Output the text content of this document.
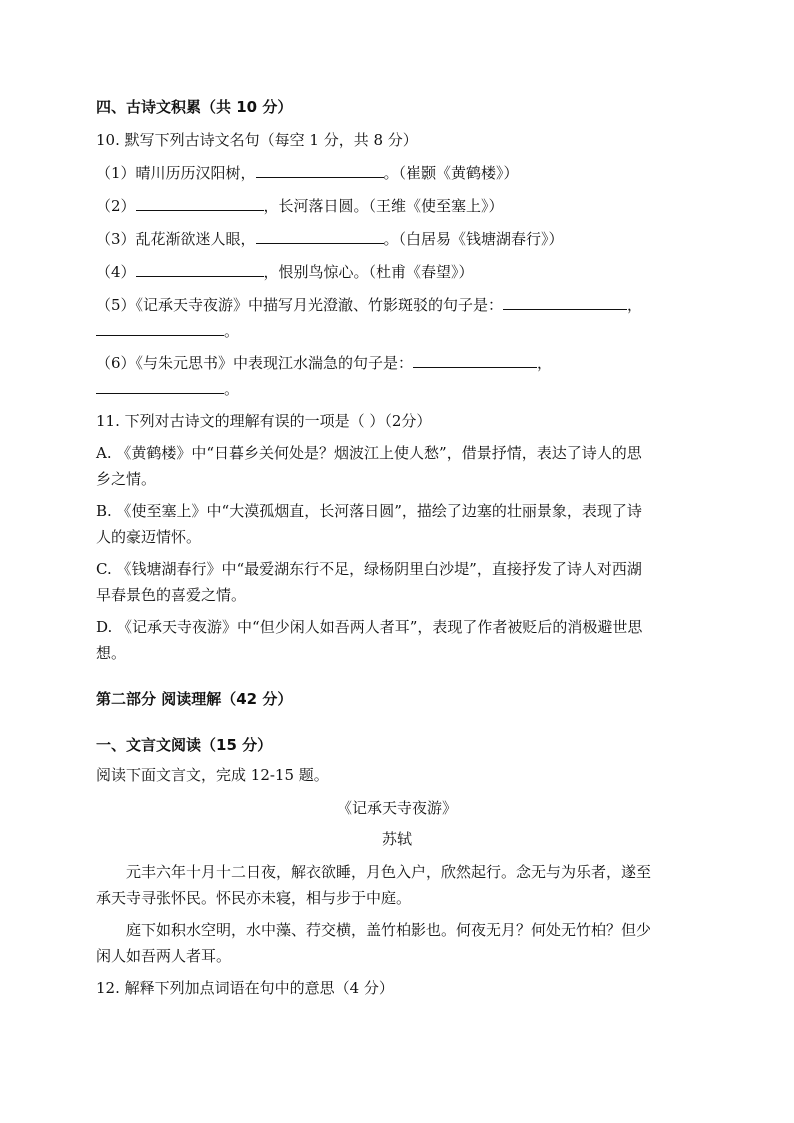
四、古诗文积累（共 10 分）
10. 默写下列古诗文名句（每空 1 分，共 8 分）
（1）晴川历历汉阳树，	。（崔颢《黄鹤楼》）
（2）	，长河落日圆。（王维《使至塞上》）
（3）乱花渐欲迷人眼，	。（白居易《钱塘湖春行》）
（4）	，恨别鸟惊心。（杜甫《春望》）
（5）《记承天寺夜游》中描写月光澄澈、竹影斑驳的句子是：	，
。
（6）《与朱元思书》中表现江水湍急的句子是：	，
。
11. 下列对古诗文的理解有误的一项是（ ）（2分）
A. 《黄鹤楼》中“日暮乡关何处是？烟波江上使人愁”，借景抒情，表达了诗人的思
乡之情。
B. 《使至塞上》中“大漠孤烟直，长河落日圆”，描绘了边塞的壮丽景象，表现了诗
人的豪迈情怀。
C. 《钱塘湖春行》中“最爱湖东行不足，绿杨阴里白沙堤”，直接抒发了诗人对西湖
早春景色的喜爱之情。
D. 《记承天寺夜游》中“但少闲人如吾两人者耳”，表现了作者被贬后的消极避世思
想。
第二部分 阅读理解（42 分）
一、文言文阅读（15 分）
阅读下面文言文，完成 12-15 题。
《记承天寺夜游》
苏轼
元丰六年十月十二日夜，解衣欲睡，月色入户，欣然起行。念无与为乐者，遂至
承天寺寻张怀民。怀民亦未寝，相与步于中庭。
庭下如积水空明，水中藻、荇交横，盖竹柏影也。何夜无月？何处无竹柏？但少
闲人如吾两人者耳。
12. 解释下列加点词语在句中的意思（4 分）
